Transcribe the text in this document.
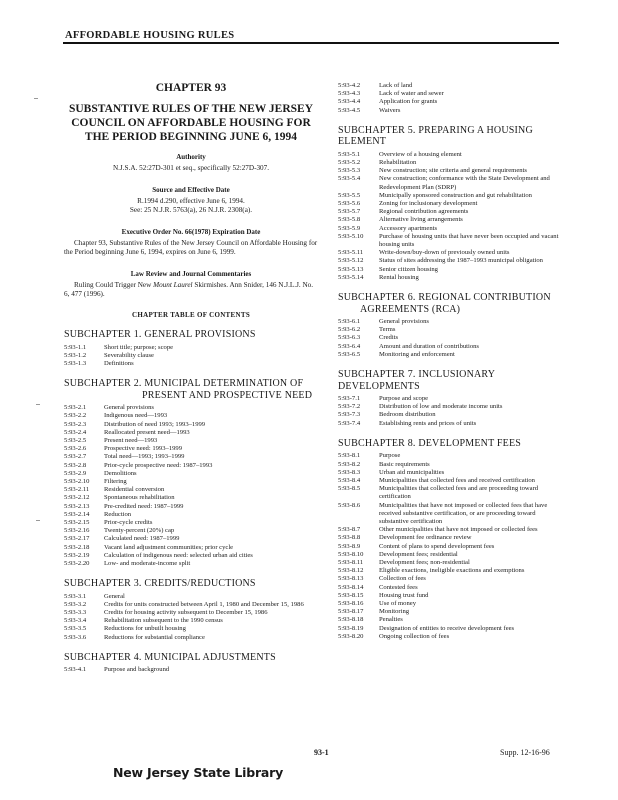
AFFORDABLE HOUSING RULES
CHAPTER 93
SUBSTANTIVE RULES OF THE NEW JERSEY COUNCIL ON AFFORDABLE HOUSING FOR THE PERIOD BEGINNING JUNE 6, 1994
Authority
N.J.S.A. 52:27D-301 et seq., specifically 52:27D-307.
Source and Effective Date
R.1994 d.290, effective June 6, 1994.
See: 25 N.J.R. 5763(a), 26 N.J.R. 2308(a).
Executive Order No. 66(1978) Expiration Date
Chapter 93, Substantive Rules of the New Jersey Council on Affordable Housing for the Period beginning June 6, 1994, expires on June 6, 1999.
Law Review and Journal Commentaries
Ruling Could Trigger New Mount Laurel Skirmishes. Ann Snider, 146 N.J.L.J. No. 6, 477 (1996).
CHAPTER TABLE OF CONTENTS
SUBCHAPTER 1. GENERAL PROVISIONS
5:93-1.1	Short title; purpose; scope
5:93-1.2	Severability clause
5:93-1.3	Definitions
SUBCHAPTER 2. MUNICIPAL DETERMINATION OF
PRESENT AND PROSPECTIVE NEED
5:93-2.1	General provisions
5:93-2.2	Indigenous need—1993
5:93-2.3	Distribution of need 1993; 1993–1999
5:93-2.4	Reallocated present need—1993
5:93-2.5	Present need—1993
5:93-2.6	Prospective need: 1993–1999
5:93-2.7	Total need—1993; 1993–1999
5:93-2.8	Prior-cycle prospective need: 1987–1993
5:93-2.9	Demolitions
5:93-2.10	Filtering
5:93-2.11	Residential conversion
5:93-2.12	Spontaneous rehabilitation
5:93-2.13	Pre-credited need: 1987–1999
5:93-2.14	Reduction
5:93-2.15	Prior-cycle credits
5:93-2.16	Twenty-percent (20%) cap
5:93-2.17	Calculated need: 1987–1999
5:93-2.18	Vacant land adjustment communities; prior cycle
5:93-2.19	Calculation of indigenous need: selected urban aid cities
5:93-2.20	Low- and moderate-income split
SUBCHAPTER 3. CREDITS/REDUCTIONS
5:93-3.1	General
5:93-3.2	Credits for units constructed between April 1, 1980 and December 15, 1986
5:93-3.3	Credits for housing activity subsequent to December 15, 1986
5:93-3.4	Rehabilitation subsequent to the 1990 census
5:93-3.5	Reductions for unbuilt housing
5:93-3.6	Reductions for substantial compliance
SUBCHAPTER 4. MUNICIPAL ADJUSTMENTS
5:93-4.1	Purpose and background
5:93-4.2	Lack of land
5:93-4.3	Lack of water and sewer
5:93-4.4	Application for grants
5:93-4.5	Waivers
SUBCHAPTER 5. PREPARING A HOUSING ELEMENT
5:93-5.1	Overview of a housing element
5:93-5.2	Rehabilitation
5:93-5.3	New construction; site criteria and general requirements
5:93-5.4	New construction; conformance with the State Development and Redevelopment Plan (SDRP)
5:93-5.5	Municipally sponsored construction and gut rehabilitation
5:93-5.6	Zoning for inclusionary development
5:93-5.7	Regional contribution agreements
5:93-5.8	Alternative living arrangements
5:93-5.9	Accessory apartments
5:93-5.10	Purchase of housing units that have never been occupied and vacant housing units
5:93-5.11	Write-down/buy-down of previously owned units
5:93-5.12	Status of sites addressing the 1987–1993 municipal obligation
5:93-5.13	Senior citizen housing
5:93-5.14	Rental housing
SUBCHAPTER 6. REGIONAL CONTRIBUTION
AGREEMENTS (RCA)
5:93-6.1	General provisions
5:93-6.2	Terms
5:93-6.3	Credits
5:93-6.4	Amount and duration of contributions
5:93-6.5	Monitoring and enforcement
SUBCHAPTER 7. INCLUSIONARY DEVELOPMENTS
5:93-7.1	Purpose and scope
5:93-7.2	Distribution of low and moderate income units
5:93-7.3	Bedroom distribution
5:93-7.4	Establishing rents and prices of units
SUBCHAPTER 8. DEVELOPMENT FEES
5:93-8.1	Purpose
5:93-8.2	Basic requirements
5:93-8.3	Urban aid municipalities
5:93-8.4	Municipalities that collected fees and received certification
5:93-8.5	Municipalities that collected fees and are proceeding toward certification
5:93-8.6	Municipalities that have not imposed or collected fees that have received substantive certification, or are proceeding toward substantive certification
5:93-8.7	Other municipalities that have not imposed or collected fees
5:93-8.8	Development fee ordinance review
5:93-8.9	Content of plans to spend development fees
5:93-8.10	Development fees; residential
5:93-8.11	Development fees; non-residential
5:93-8.12	Eligible exactions, ineligible exactions and exemptions
5:93-8.13	Collection of fees
5:93-8.14	Contested fees
5:93-8.15	Housing trust fund
5:93-8.16	Use of money
5:93-8.17	Monitoring
5:93-8.18	Penalties
5:93-8.19	Designation of entities to receive development fees
5:93-8.20	Ongoing collection of fees
93-1	Supp. 12-16-96
New Jersey State Library
